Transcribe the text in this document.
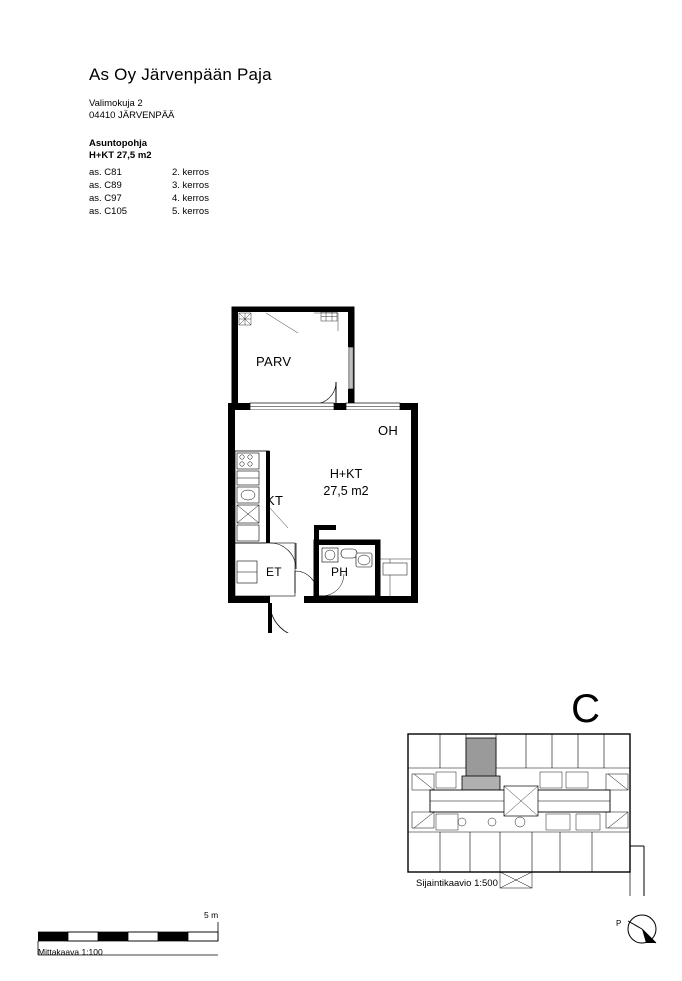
As Oy Järvenpään Paja
Valimokuja 2
04410 JÄRVENPÄÄ
Asuntopohja
H+KT 27,5 m2
as. C81	2. kerros
as. C89	3. kerros
as. C97	4. kerros
as. C105	5. kerros
PARV
OH
KT
ET	PH
H+KT
27,5 m2
C
Sijaintikaavio 1:500
P
5 m
Mittakaava 1:100
